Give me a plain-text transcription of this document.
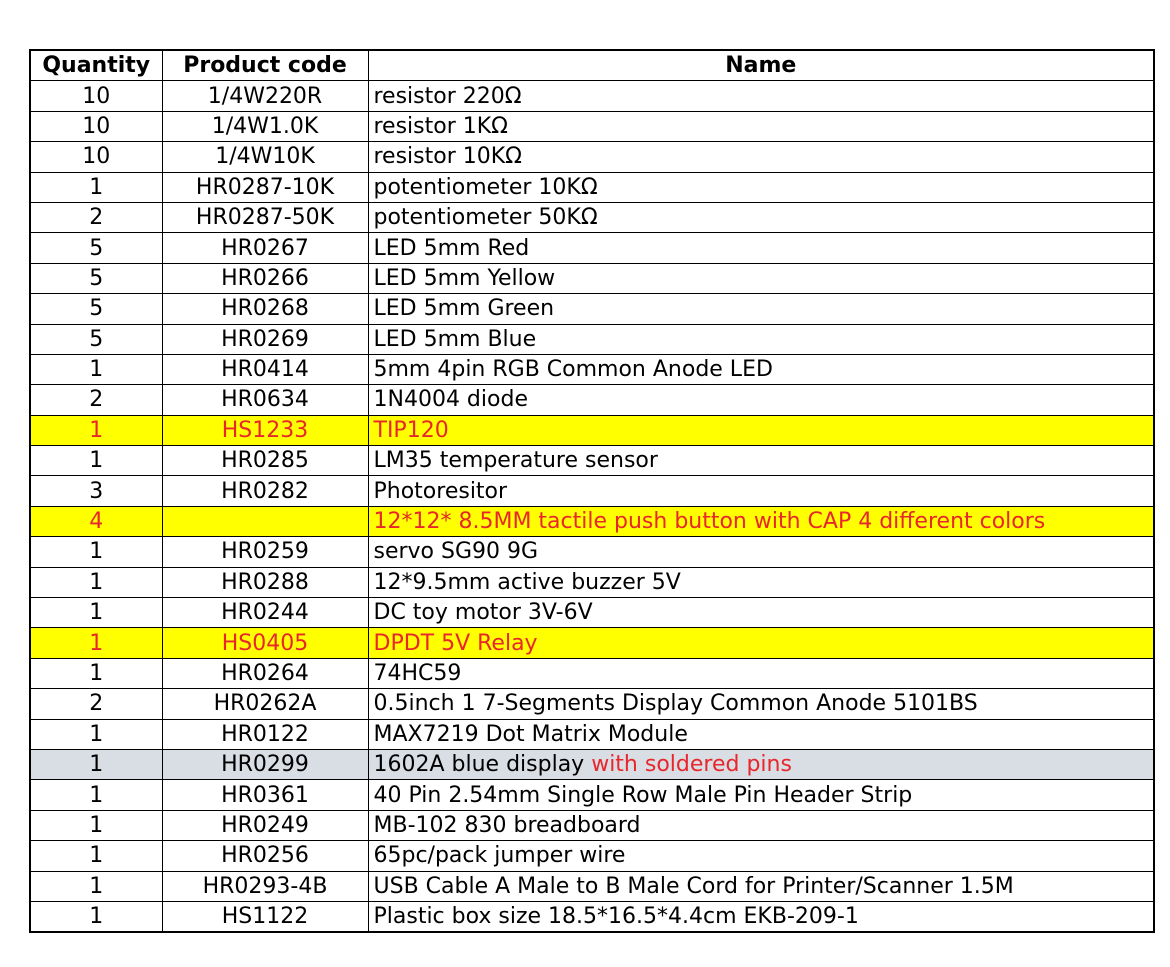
Quantity	Product code	Name
10	1/4W220R	resistor 220Ω
10	1/4W1.0K	resistor 1KΩ
10	1/4W10K	resistor 10KΩ
1	HR0287-10K	potentiometer 10KΩ
2	HR0287-50K	potentiometer 50KΩ
5	HR0267	LED 5mm Red
5	HR0266	LED 5mm Yellow
5	HR0268	LED 5mm Green
5	HR0269	LED 5mm Blue
1	HR0414	5mm 4pin RGB Common Anode LED
2	HR0634	1N4004 diode
1	HS1233	TIP120
1	HR0285	LM35 temperature sensor
3	HR0282	Photoresitor
4		12*12* 8.5MM tactile push button with CAP 4 different colors
1	HR0259	servo SG90 9G
1	HR0288	12*9.5mm active buzzer 5V
1	HR0244	DC toy motor 3V-6V
1	HS0405	DPDT 5V Relay
1	HR0264	74HC59
2	HR0262A	0.5inch 1 7-Segments Display Common Anode 5101BS
1	HR0122	MAX7219 Dot Matrix Module
1	HR0299	1602A blue display with soldered pins
1	HR0361	40 Pin 2.54mm Single Row Male Pin Header Strip
1	HR0249	MB-102 830 breadboard
1	HR0256	65pc/pack jumper wire
1	HR0293-4B	USB Cable A Male to B Male Cord for Printer/Scanner 1.5M
1	HS1122	Plastic box size 18.5*16.5*4.4cm EKB-209-1
